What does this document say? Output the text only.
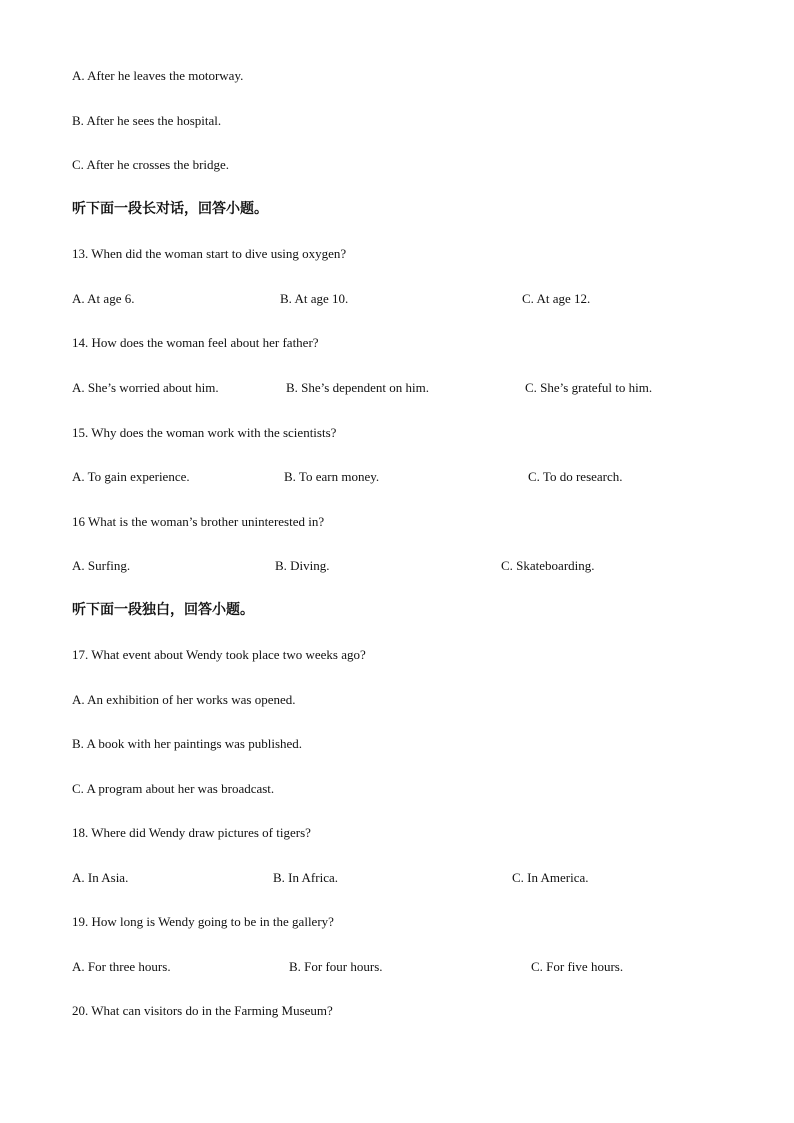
A. After he leaves the motorway.
B. After he sees the hospital.
C. After he crosses the bridge.
听下面一段长对话，回答小题。
13. When did the woman start to dive using oxygen?
A. At age 6.	B. At age 10.	C. At age 12.
14. How does the woman feel about her father?
A. She’s worried about him.	B. She’s dependent on him.	C. She’s grateful to him.
15. Why does the woman work with the scientists?
A. To gain experience.	B. To earn money.	C. To do research.
16 What is the woman’s brother uninterested in?
A. Surfing.	B. Diving.	C. Skateboarding.
听下面一段独白，回答小题。
17. What event about Wendy took place two weeks ago?
A. An exhibition of her works was opened.
B. A book with her paintings was published.
C. A program about her was broadcast.
18. Where did Wendy draw pictures of tigers?
A. In Asia.	B. In Africa.	C. In America.
19. How long is Wendy going to be in the gallery?
A. For three hours.	B. For four hours.	C. For five hours.
20. What can visitors do in the Farming Museum?
